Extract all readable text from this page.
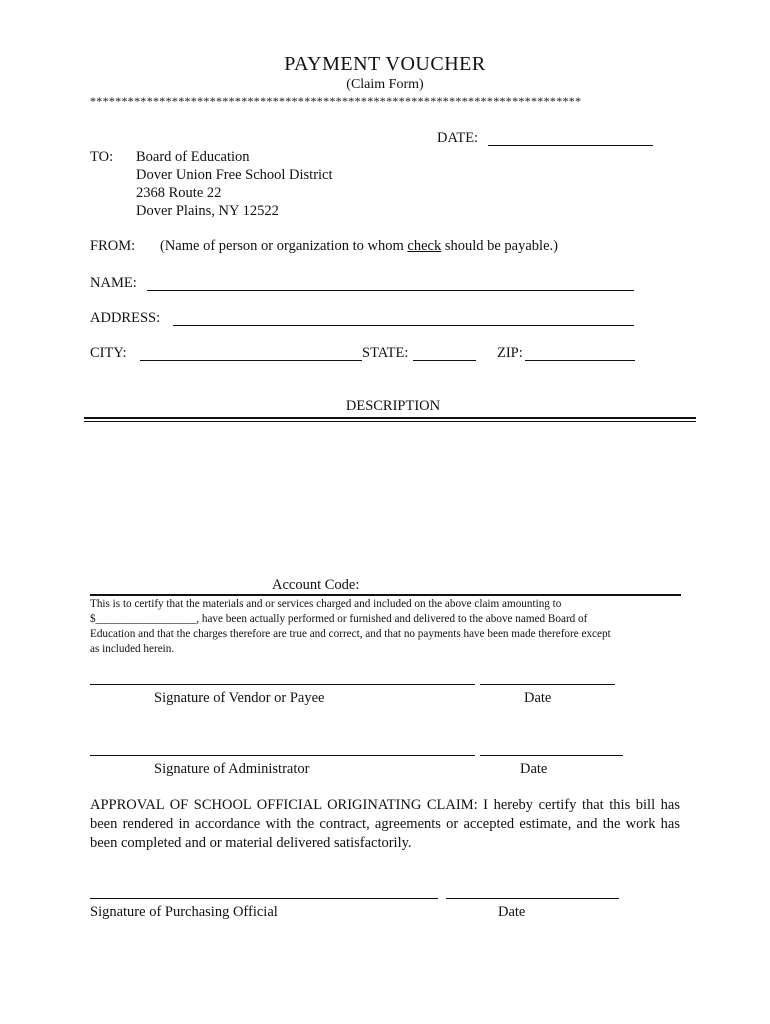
PAYMENT VOUCHER
(Claim Form)
******************************************************************************
DATE:
TO: Board of Education
Dover Union Free School District
2368 Route 22
Dover Plains, NY 12522
FROM: (Name of person or organization to whom check should be payable.)
NAME:
ADDRESS:
CITY:	STATE:	ZIP:
DESCRIPTION
Account Code:
This is to certify that the materials and or services charged and included on the above claim amounting to
$__________________, have been actually performed or furnished and delivered to the above named Board of
Education and that the charges therefore are true and correct, and that no payments have been made therefore except
as included herein.
Signature of Vendor or Payee	Date
Signature of Administrator	Date
APPROVAL OF SCHOOL OFFICIAL ORIGINATING CLAIM: I hereby certify that this bill has been rendered in accordance with the contract, agreements or accepted estimate, and the work has been completed and or material delivered satisfactorily.
Signature of Purchasing Official	Date
